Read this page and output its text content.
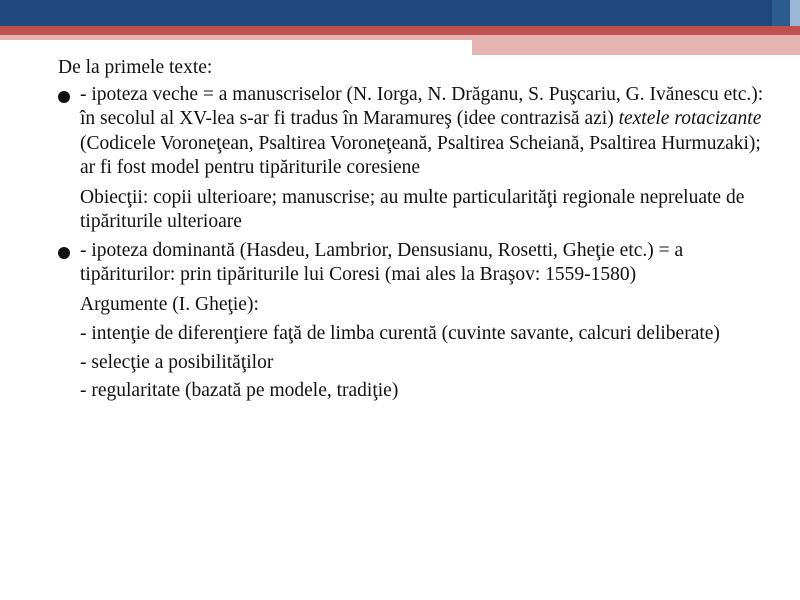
De la primele texte:

- ipoteza veche = a manuscriselor (N. Iorga, N. Drăganu, S. Puşcariu, G. Ivănescu etc.): în secolul al XV-lea s-ar fi tradus în Maramureş (idee contrazisă azi) textele rotacizante (Codicele Voroneţean, Psaltirea Voroneţeană, Psaltirea Scheiană, Psaltirea Hurmuzaki); ar fi fost model pentru tipăriturile coresiene

Obiecţii: copii ulterioare; manuscrise; au multe particularităţi regionale nepreluate de tipăriturile ulterioare

- ipoteza dominantă (Hasdeu, Lambrior, Densusianu, Rosetti, Gheţie etc.) = a tipăriturilor: prin tipăriturile lui Coresi (mai ales la Braşov: 1559-1580)

Argumente (I. Gheţie):

- intenţie de diferenţiere faţă de limba curentă (cuvinte savante, calcuri deliberate)

- selecţie a posibilităţilor

- regularitate (bazată pe modele, tradiţie)
